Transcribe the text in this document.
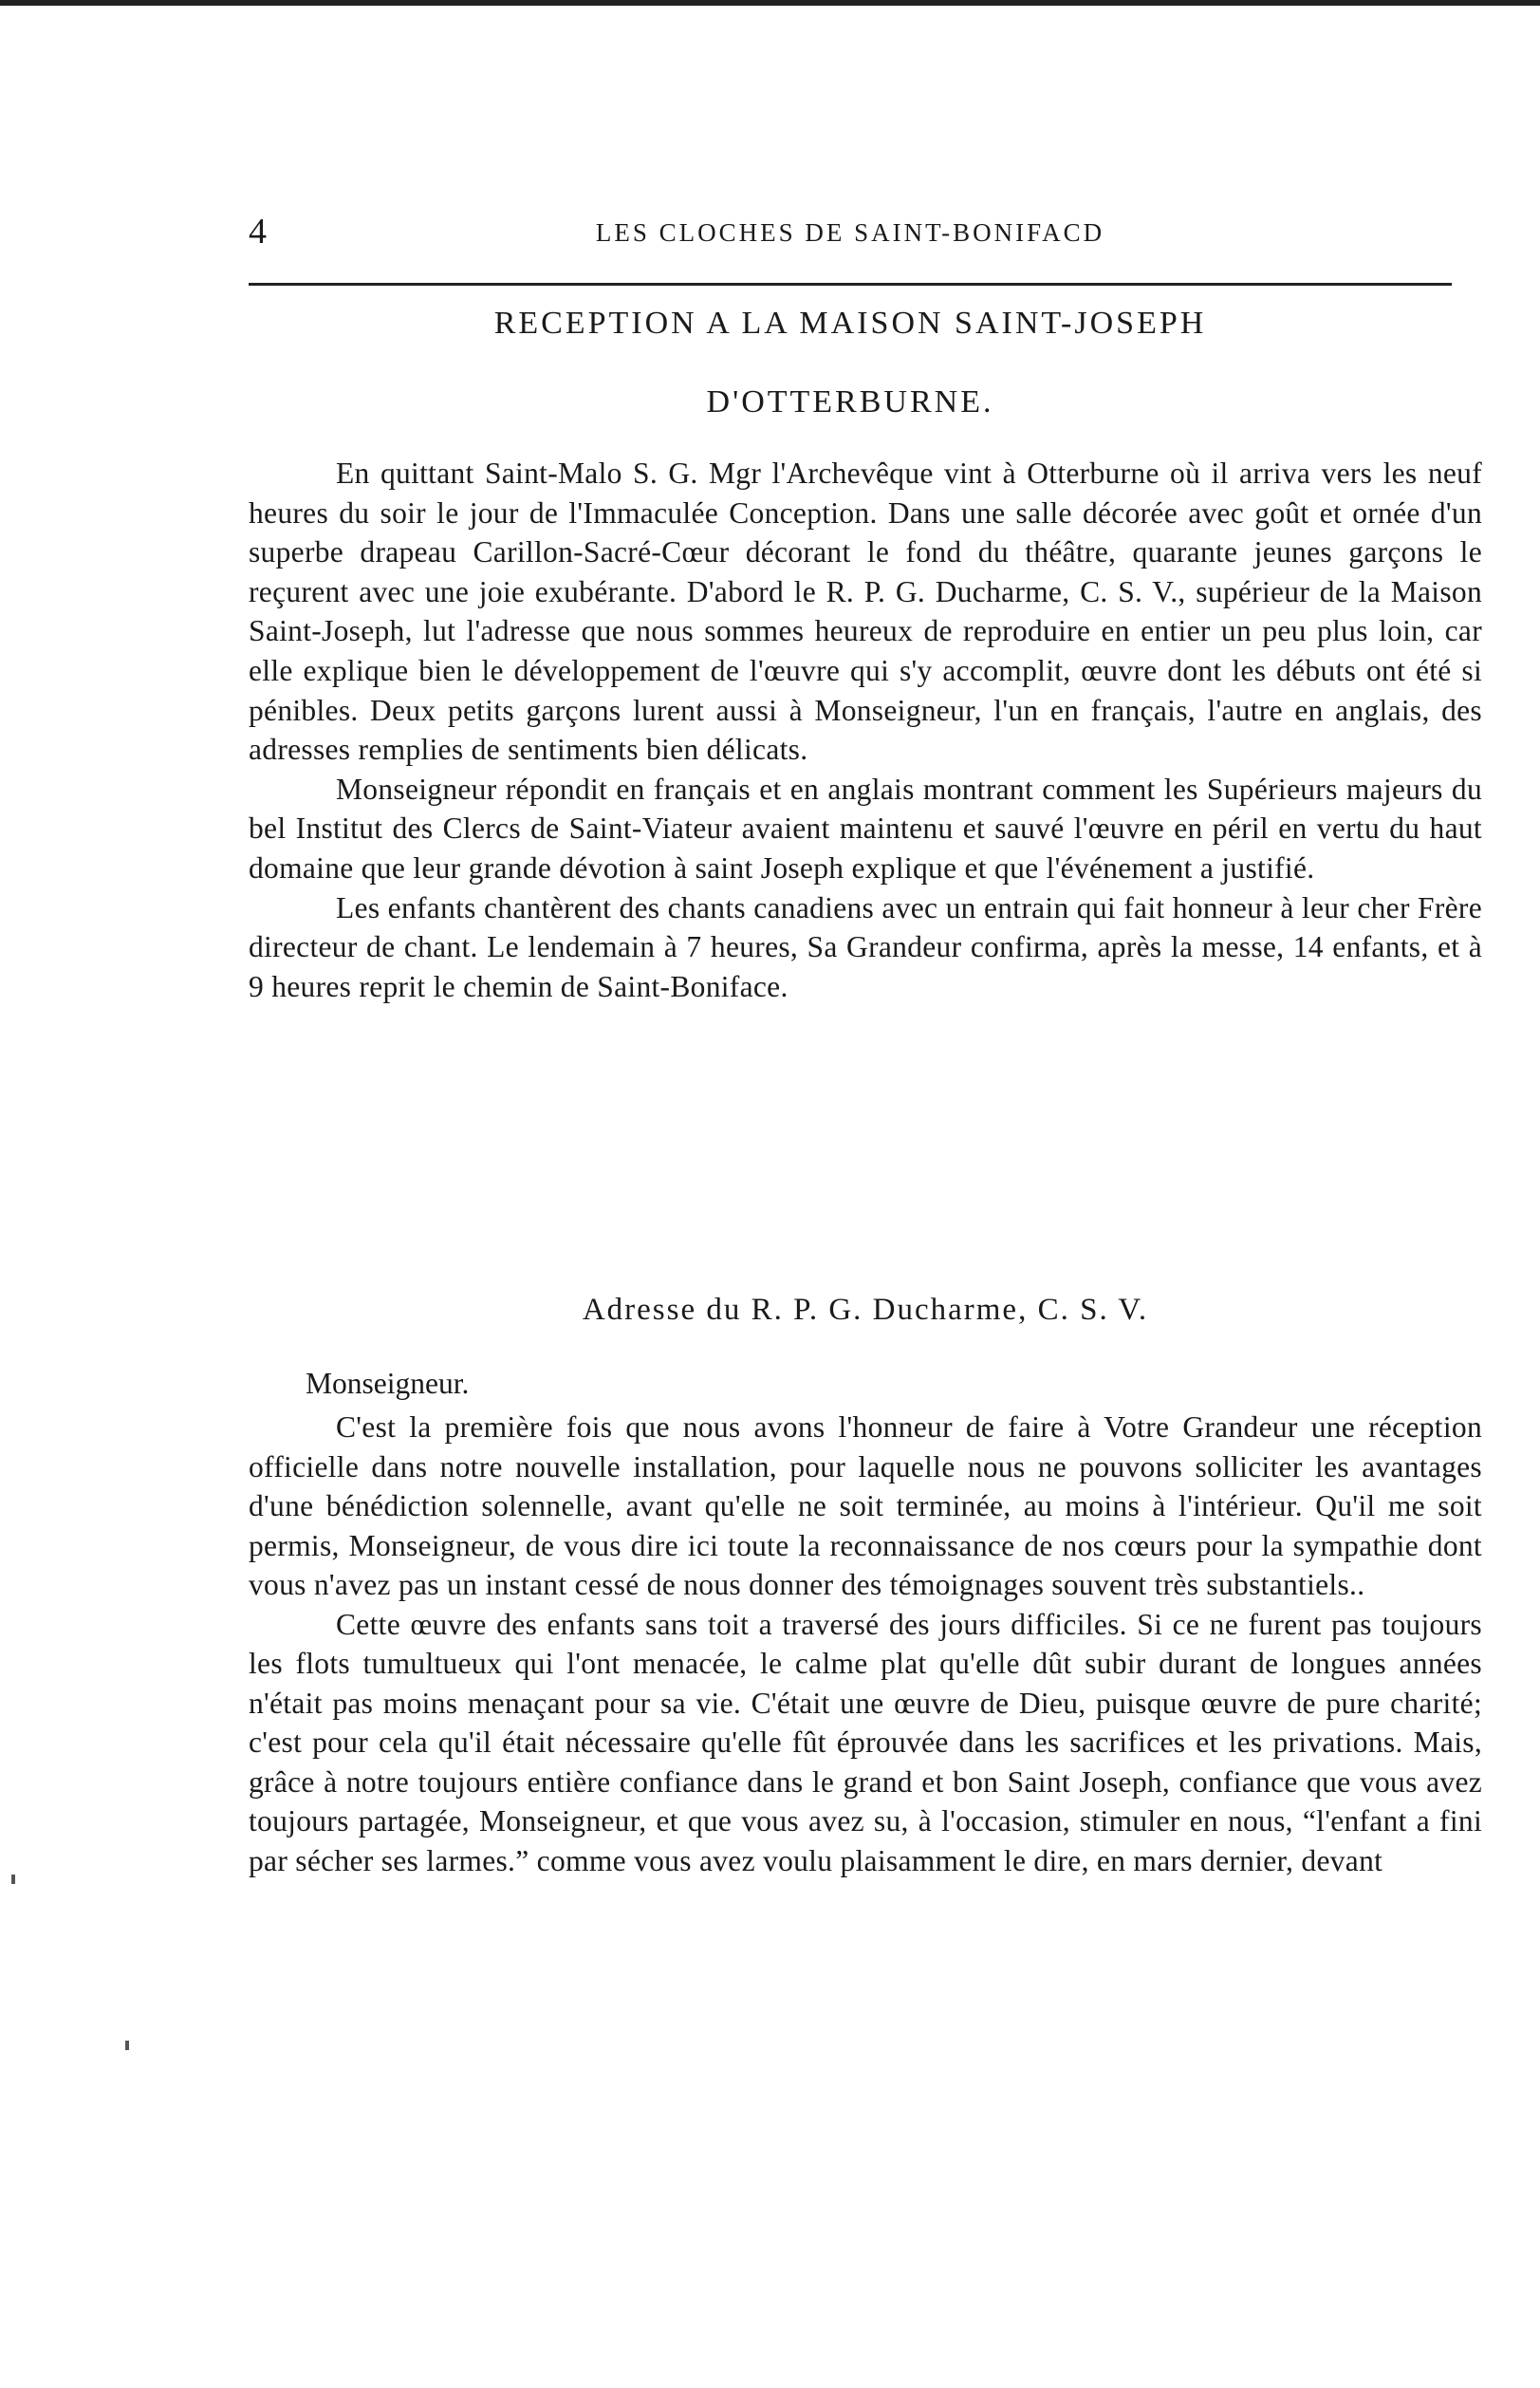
4	LES CLOCHES DE SAINT-BONIFACD
RECEPTION A LA MAISON SAINT-JOSEPH
D'OTTERBURNE.

En quittant Saint-Malo S. G. Mgr l'Archevêque vint à Otterburne où il arriva vers les neuf heures du soir le jour de l'Immaculée Conception. Dans une salle décorée avec goût et ornée d'un superbe drapeau Carillon-Sacré-Cœur décorant le fond du théâtre, quarante jeunes garçons le reçurent avec une joie exubérante. D'abord le R. P. G. Ducharme, C. S. V., supérieur de la Maison Saint-Joseph, lut l'adresse que nous sommes heureux de reproduire en entier un peu plus loin, car elle explique bien le développement de l'œuvre qui s'y accomplit, œuvre dont les débuts ont été si pénibles. Deux petits garçons lurent aussi à Monseigneur, l'un en français, l'autre en anglais, des adresses remplies de sentiments bien délicats.

Monseigneur répondit en français et en anglais montrant comment les Supérieurs majeurs du bel Institut des Clercs de Saint-Viateur avaient maintenu et sauvé l'œuvre en péril en vertu du haut domaine que leur grande dévotion à saint Joseph explique et que l'événement a justifié.

Les enfants chantèrent des chants canadiens avec un entrain qui fait honneur à leur cher Frère directeur de chant. Le lendemain à 7 heures, Sa Grandeur confirma, après la messe, 14 enfants, et à 9 heures reprit le chemin de Saint-Boniface.

Adresse du R. P. G. Ducharme, C. S. V.
Monseigneur.

C'est la première fois que nous avons l'honneur de faire à Votre Grandeur une réception officielle dans notre nouvelle installation, pour laquelle nous ne pouvons solliciter les avantages d'une bénédiction solennelle, avant qu'elle ne soit terminée, au moins à l'intérieur. Qu'il me soit permis, Monseigneur, de vous dire ici toute la reconnaissance de nos cœurs pour la sympathie dont vous n'avez pas un instant cessé de nous donner des témoignages souvent très substantiels..

Cette œuvre des enfants sans toit a traversé des jours difficiles. Si ce ne furent pas toujours les flots tumultueux qui l'ont menacée, le calme plat qu'elle dût subir durant de longues années n'était pas moins menaçant pour sa vie. C'était une œuvre de Dieu, puisque œuvre de pure charité; c'est pour cela qu'il était nécessaire qu'elle fût éprouvée dans les sacrifices et les privations. Mais, grâce à notre toujours entière confiance dans le grand et bon Saint Joseph, confiance que vous avez toujours partagée, Monseigneur, et que vous avez su, à l'occasion, stimuler en nous, “l'enfant a fini par sécher ses larmes.” comme vous avez voulu plaisamment le dire, en mars dernier, devant
